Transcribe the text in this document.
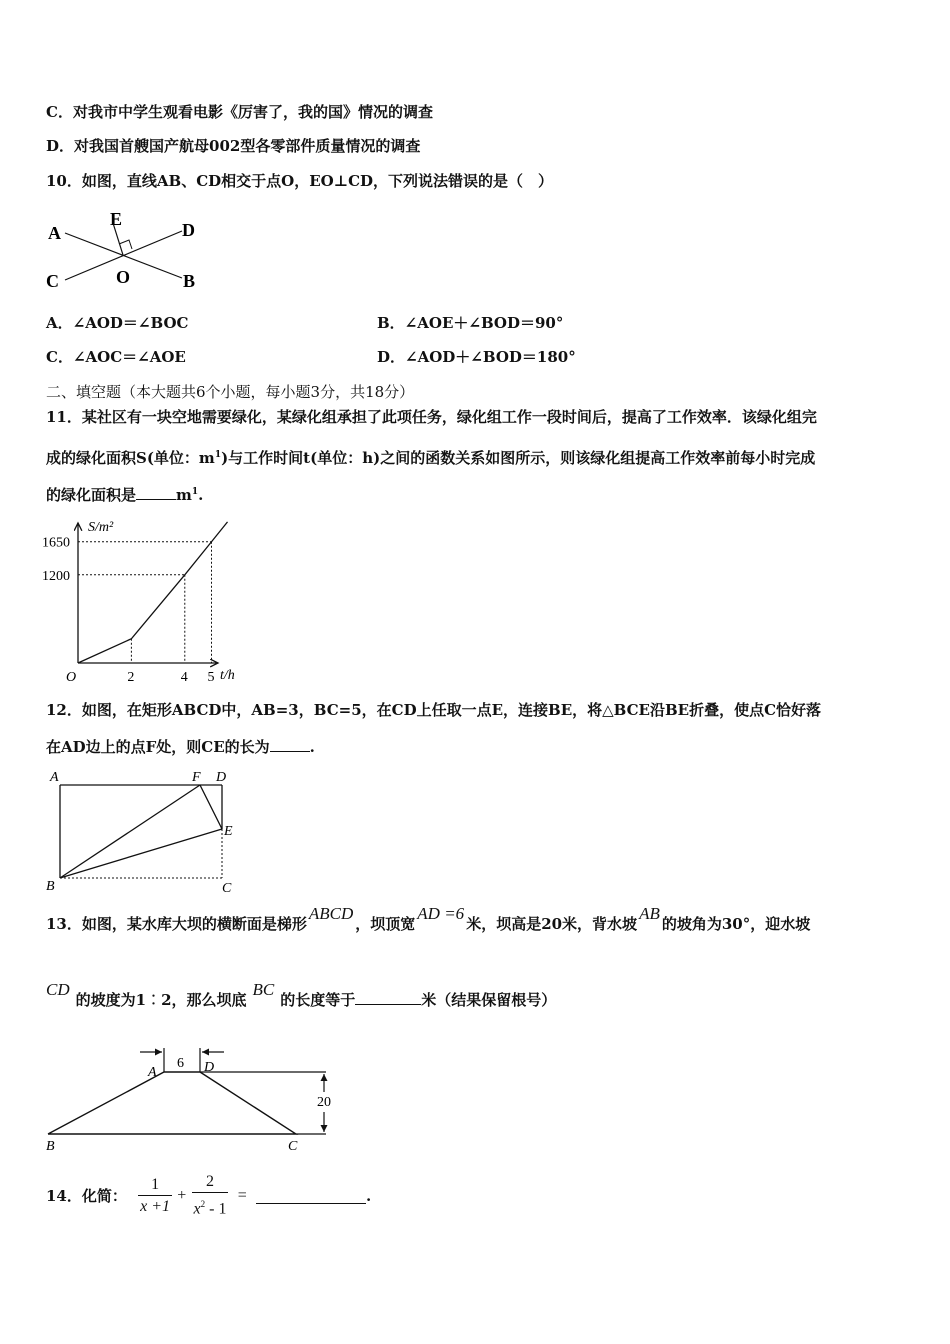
C．对我市中学生观看电影《厉害了，我的国》情况的调查
D．对我国首艘国产航母002型各零部件质量情况的调查
10．如图，直线AB、CD相交于点O，EO⊥CD，下列说法错误的是（　）
A
E
D
C	O	B
A．∠AOD＝∠BOC	B．∠AOE＋∠BOD＝90°
C．∠AOC＝∠AOE	D．∠AOD＋∠BOD＝180°
二、填空题（本大题共6个小题，每小题3分，共18分）
11．某社区有一块空地需要绿化，某绿化组承担了此项任务，绿化组工作一段时间后，提高了工作效率．该绿化组完
成的绿化面积S(单位：$m^1$)与工作时间t(单位：h)之间的函数关系如图所示，则该绿化组提高工作效率前每小时完成
的绿化面积是	$m^1$.
S/m²
t/h
O	2	4 5
1650
1200
12．如图，在矩形ABCD中，AB=3，BC=5，在CD上任取一点E，连接BE，将△BCE沿BE折叠，使点C恰好落
在AD边上的点F处，则CE的长为	.
A	F D
E
B	C
13．如图，某水库大坝的横断面是梯形ABCD，坝顶宽AD =6米，坝高是20米，背水坡AB的坡角为30°，迎水坡
CD的坡度为1︰2，那么坝底BC的长度等于	米（结果保留根号）
6
20
A	D
B	C
14．化简： $\frac{1}{x +1} + \frac{2}{x^2 - 1}$ =	.
